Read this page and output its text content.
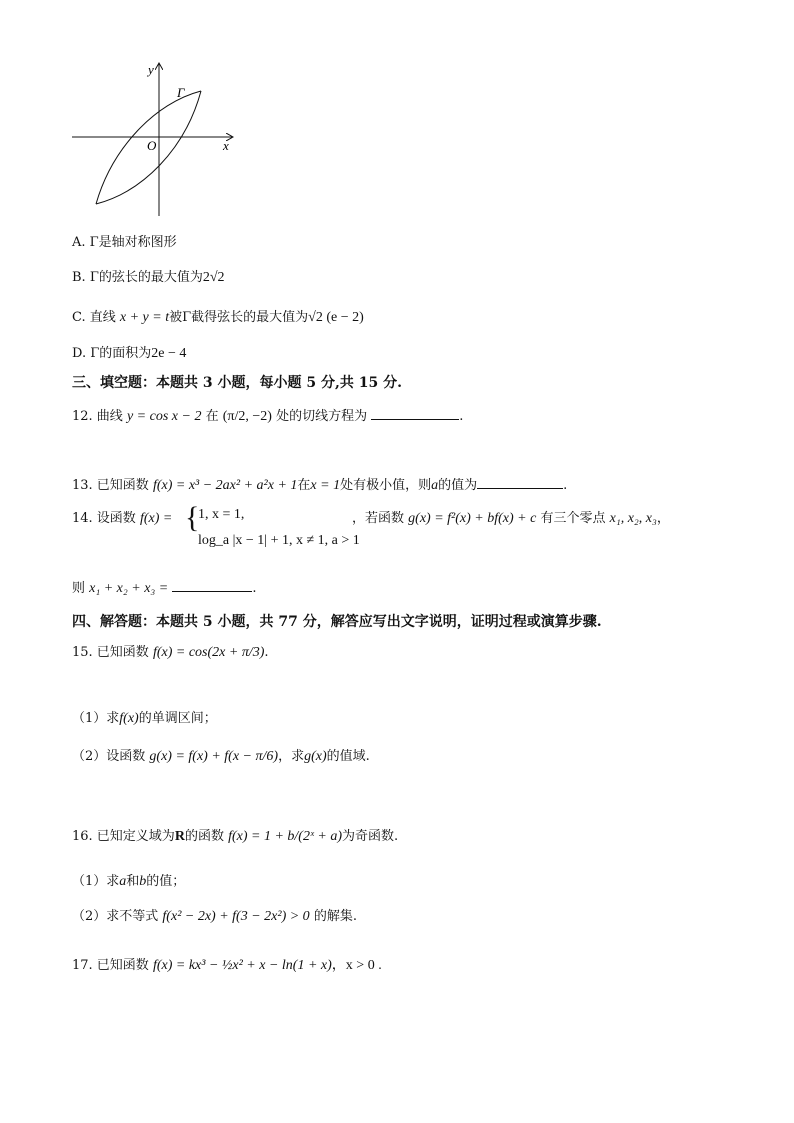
y
x
O
Γ
A. Γ是轴对称图形
B. Γ的弦长的最大值为2√2
C. 直线 x + y = t被Γ截得弦长的最大值为√2 (e − 2)
D. Γ的面积为2e − 4
三、填空题：本题共 3 小题，每小题 5 分,共 15 分.
12. 曲线 y = cos x − 2 在 (π/2, −2) 处的切线方程为	.
13. 已知函数 f(x) = x³ − 2ax² + a²x + 1在x = 1处有极小值，则a的值为	.
14. 设函数 f(x) = {
1, x = 1,
log_a |x − 1| + 1, x ≠ 1, a > 1
，若函数 g(x) = f²(x) + bf(x) + c 有三个零点 x₁, x₂, x₃，
则 x₁ + x₂ + x₃ =	.
四、解答题：本题共 5 小题，共 77 分，解答应写出文字说明，证明过程或演算步骤.
15. 已知函数 f(x) = cos(2x + π/3).
（1）求f(x)的单调区间；
（2）设函数 g(x) = f(x) + f(x − π/6)，求g(x)的值域.
16. 已知定义域为R的函数 f(x) = 1 + b/(2ˣ + a)为奇函数.
（1）求a和b的值；
（2）求不等式 f(x² − 2x) + f(3 − 2x²) > 0 的解集.
17. 已知函数 f(x) = kx³ − ½x² + x − ln(1 + x)，x > 0 .
